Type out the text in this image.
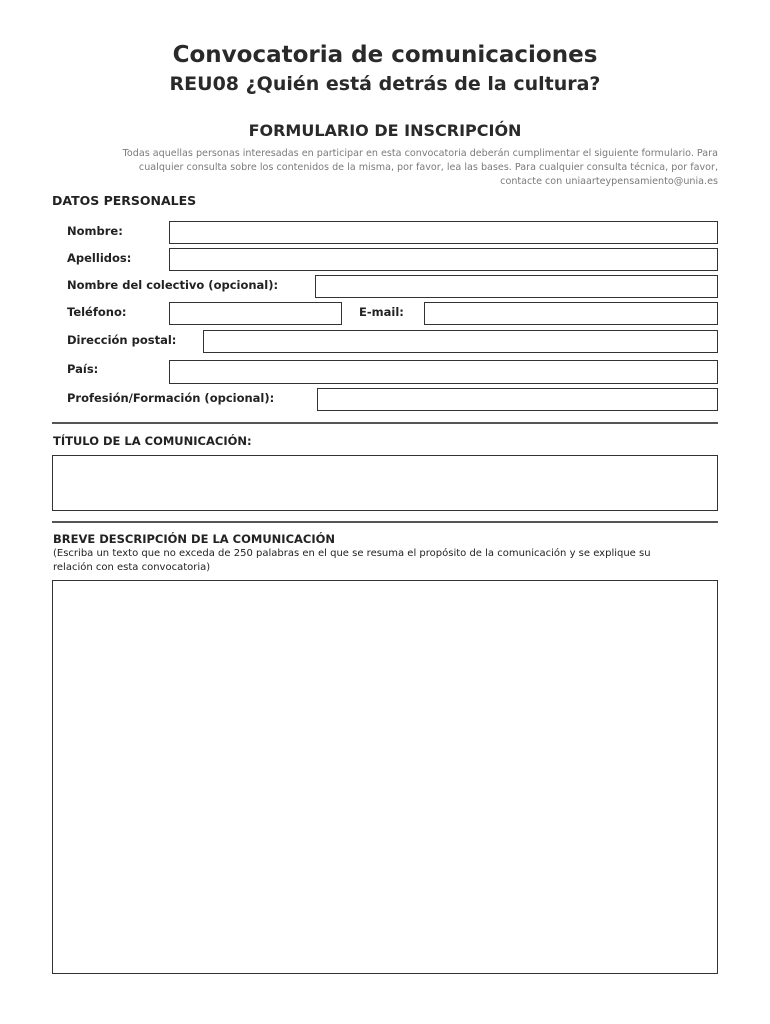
Convocatoria de comunicaciones
REU08 ¿Quién está detrás de la cultura?
FORMULARIO DE INSCRIPCIÓN
Todas aquellas personas interesadas en participar en esta convocatoria deberán cumplimentar el siguiente formulario. Para
cualquier consulta sobre los contenidos de la misma, por favor, lea las bases. Para cualquier consulta técnica, por favor,
contacte con uniaarteypensamiento@unia.es
DATOS PERSONALES
Nombre:
Apellidos:
Nombre del colectivo (opcional):
Teléfono:	E-mail:
Dirección postal:
País:
Profesión/Formación (opcional):
TÍTULO DE LA COMUNICACIÓN:
BREVE DESCRIPCIÓN DE LA COMUNICACIÓN
(Escriba un texto que no exceda de 250 palabras en el que se resuma el propósito de la comunicación y se explique su
relación con esta convocatoria)
